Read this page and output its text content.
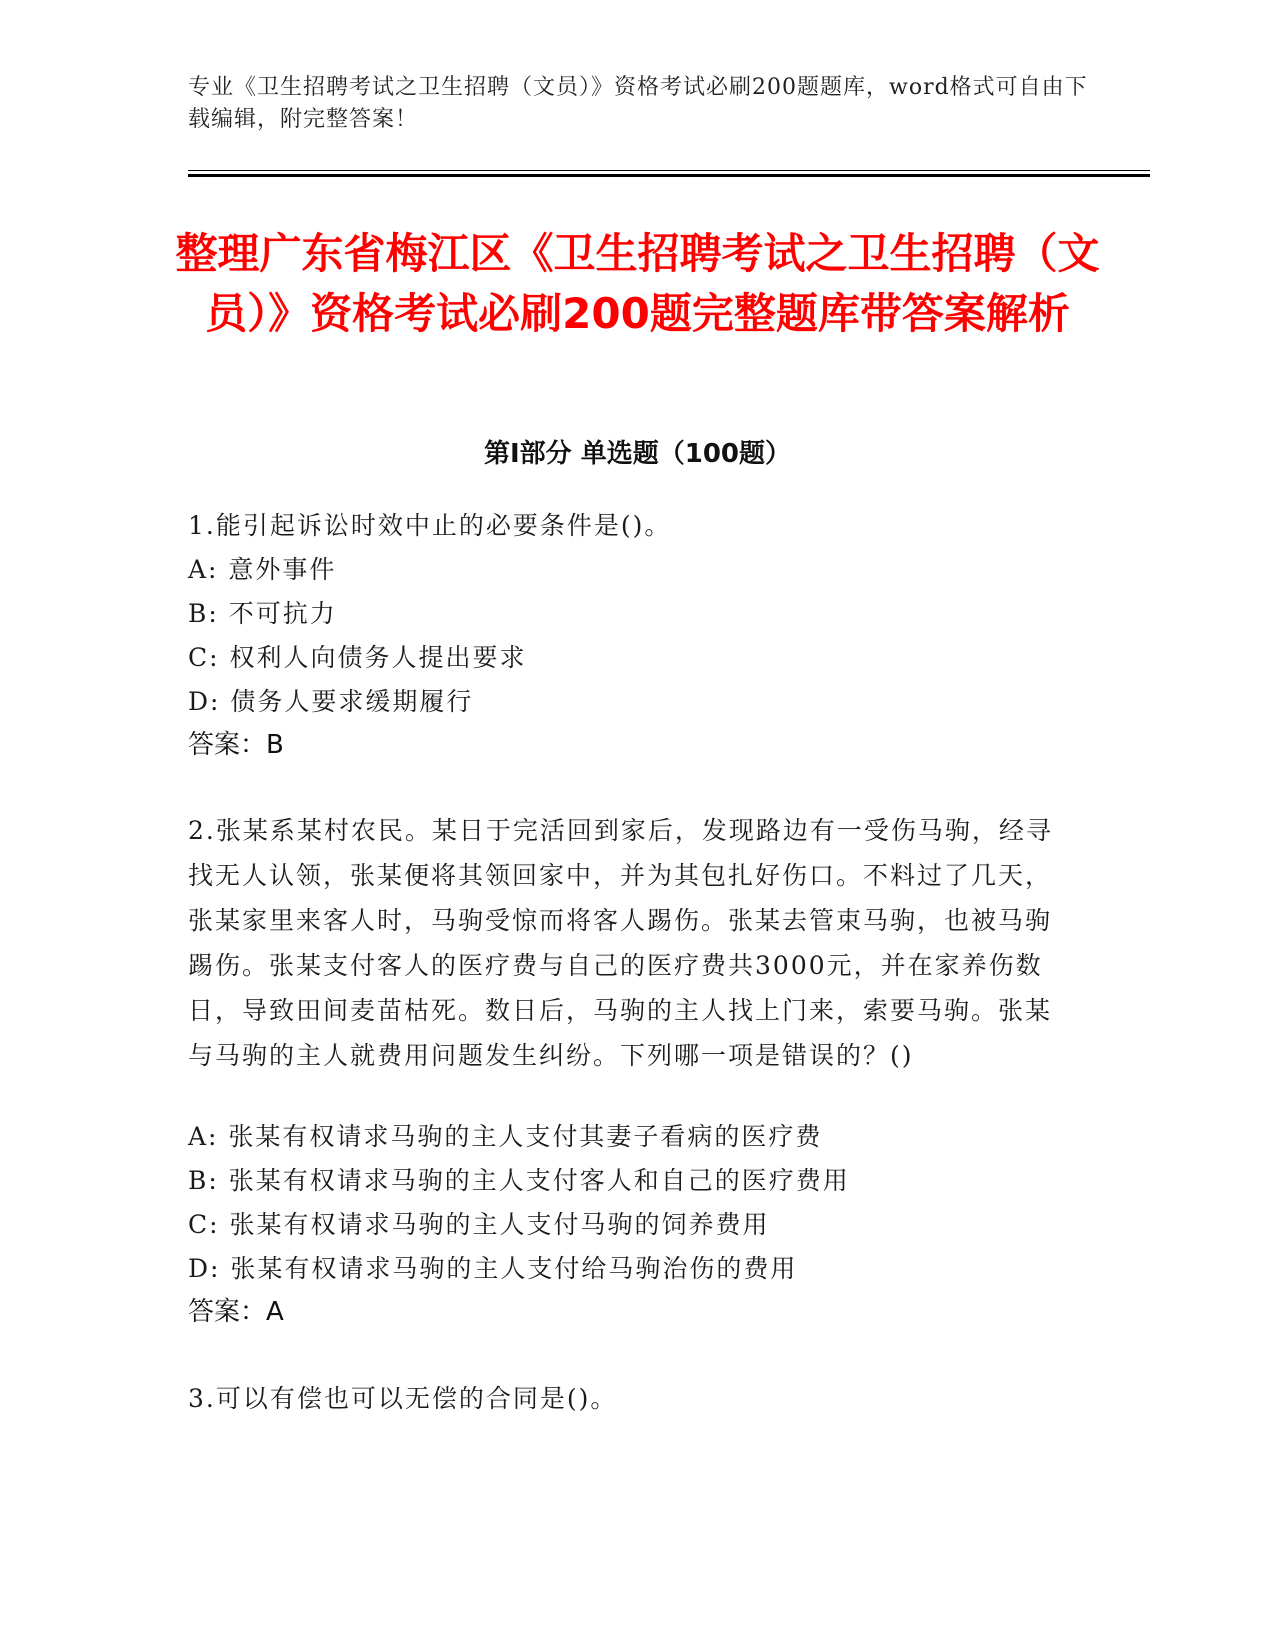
专业《卫生招聘考试之卫生招聘（文员）》资格考试必刷200题题库，word格式可自由下载编辑，附完整答案！
整理广东省梅江区《卫生招聘考试之卫生招聘（文员）》资格考试必刷200题完整题库带答案解析
第Ⅰ部分 单选题（100题）
1.能引起诉讼时效中止的必要条件是()。
A: 意外事件
B: 不可抗力
C: 权利人向债务人提出要求
D: 债务人要求缓期履行
答案：B
2.张某系某村农民。某日于完活回到家后，发现路边有一受伤马驹，经寻找无人认领，张某便将其领回家中，并为其包扎好伤口。不料过了几天，张某家里来客人时，马驹受惊而将客人踢伤。张某去管束马驹，也被马驹踢伤。张某支付客人的医疗费与自己的医疗费共3000元，并在家养伤数日，导致田间麦苗枯死。数日后，马驹的主人找上门来，索要马驹。张某与马驹的主人就费用问题发生纠纷。下列哪一项是错误的？()
A: 张某有权请求马驹的主人支付其妻子看病的医疗费
B: 张某有权请求马驹的主人支付客人和自己的医疗费用
C: 张某有权请求马驹的主人支付马驹的饲养费用
D: 张某有权请求马驹的主人支付给马驹治伤的费用
答案：A
3.可以有偿也可以无偿的合同是()。
